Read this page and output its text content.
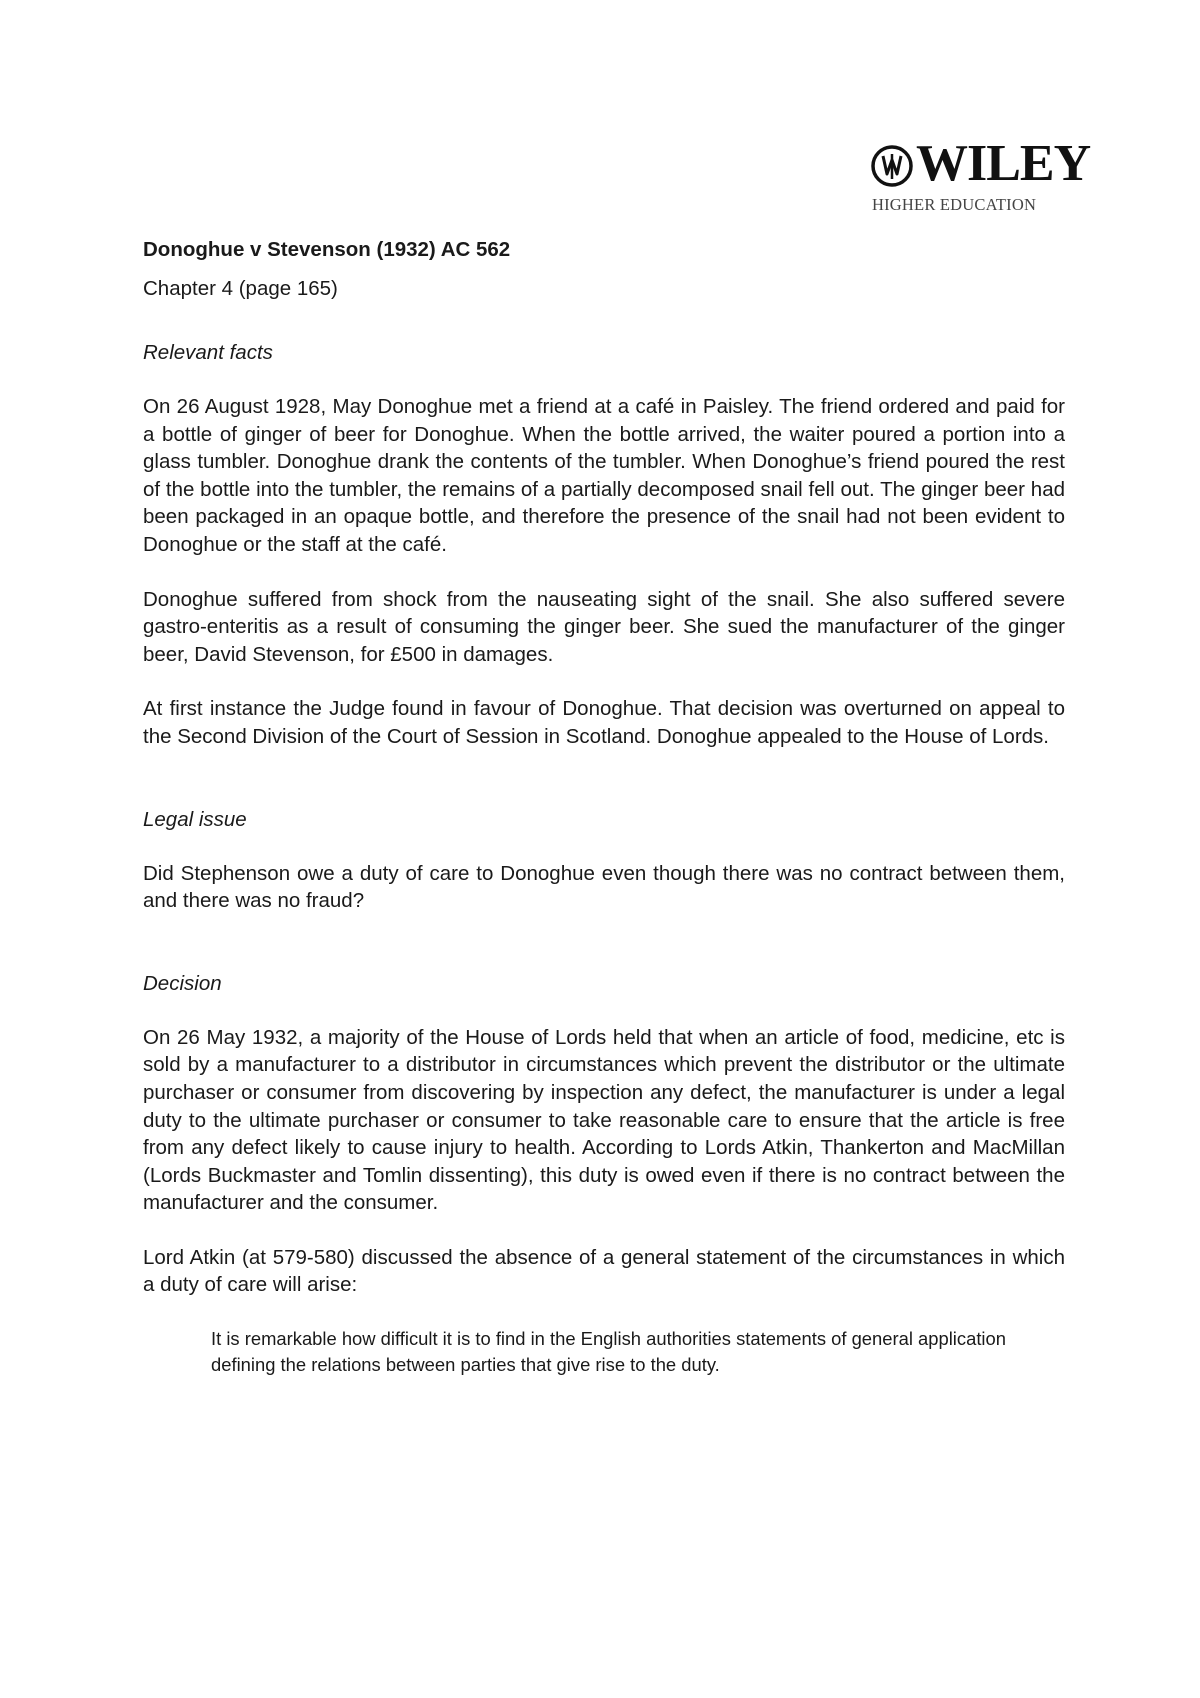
WILEY
HIGHER EDUCATION
Donoghue v Stevenson (1932) AC 562
Chapter 4 (page 165)
Relevant facts

On 26 August 1928, May Donoghue met a friend at a café in Paisley. The friend ordered and paid for a bottle of ginger of beer for Donoghue. When the bottle arrived, the waiter poured a portion into a glass tumbler. Donoghue drank the contents of the tumbler. When Donoghue’s friend poured the rest of the bottle into the tumbler, the remains of a partially decomposed snail fell out. The ginger beer had been packaged in an opaque bottle, and therefore the presence of the snail had not been evident to Donoghue or the staff at the café.

Donoghue suffered from shock from the nauseating sight of the snail. She also suffered severe gastro-enteritis as a result of consuming the ginger beer. She sued the manufacturer of the ginger beer, David Stevenson, for £500 in damages.

At first instance the Judge found in favour of Donoghue. That decision was overturned on appeal to the Second Division of the Court of Session in Scotland. Donoghue appealed to the House of Lords.

Legal issue

Did Stephenson owe a duty of care to Donoghue even though there was no contract between them, and there was no fraud?

Decision

On 26 May 1932, a majority of the House of Lords held that when an article of food, medicine, etc is sold by a manufacturer to a distributor in circumstances which prevent the distributor or the ultimate purchaser or consumer from discovering by inspection any defect, the manufacturer is under a legal duty to the ultimate purchaser or consumer to take reasonable care to ensure that the article is free from any defect likely to cause injury to health. According to Lords Atkin, Thankerton and MacMillan (Lords Buckmaster and Tomlin dissenting), this duty is owed even if there is no contract between the manufacturer and the consumer.

Lord Atkin (at 579-580) discussed the absence of a general statement of the circumstances in which a duty of care will arise:

It is remarkable how difficult it is to find in the English authorities statements of general application defining the relations between parties that give rise to the duty.
